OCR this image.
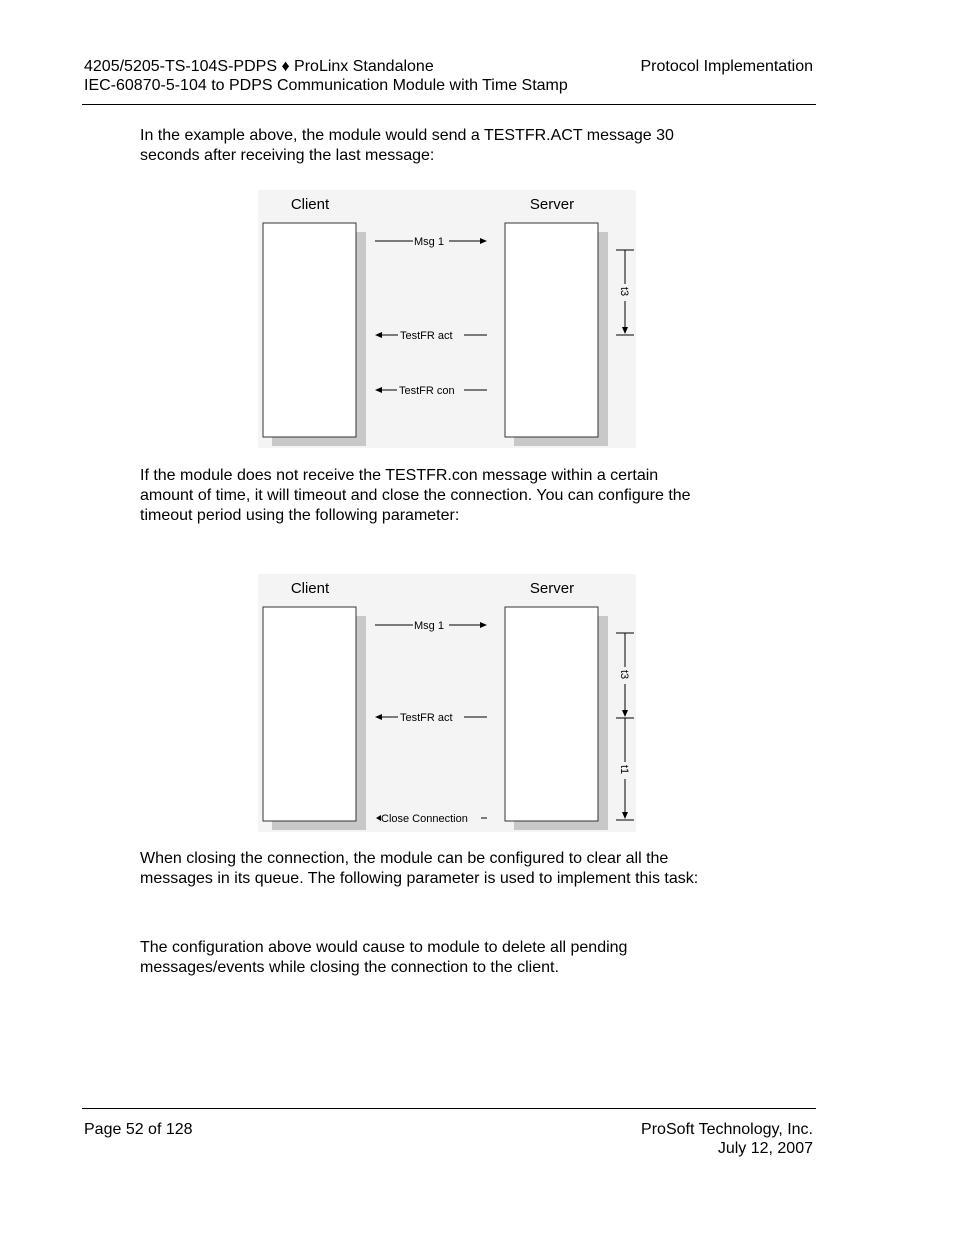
4205/5205-TS-104S-PDPS ♦ ProLinx Standalone
IEC-60870-5-104 to PDPS Communication Module with Time Stamp
Protocol Implementation
In the example above, the module would send a TESTFR.ACT message 30
seconds after receiving the last message:
Client	Server
Msg 1
TestFR act
TestFR con
t3
If the module does not receive the TESTFR.con message within a certain
amount of time, it will timeout and close the connection. You can configure the
timeout period using the following parameter:
Client	Server
Msg 1
TestFR act
Close Connection
t3
t1
When closing the connection, the module can be configured to clear all the
messages in its queue. The following parameter is used to implement this task:
The configuration above would cause to module to delete all pending
messages/events while closing the connection to the client.
Page 52 of 128	ProSoft Technology, Inc.
July 12, 2007
